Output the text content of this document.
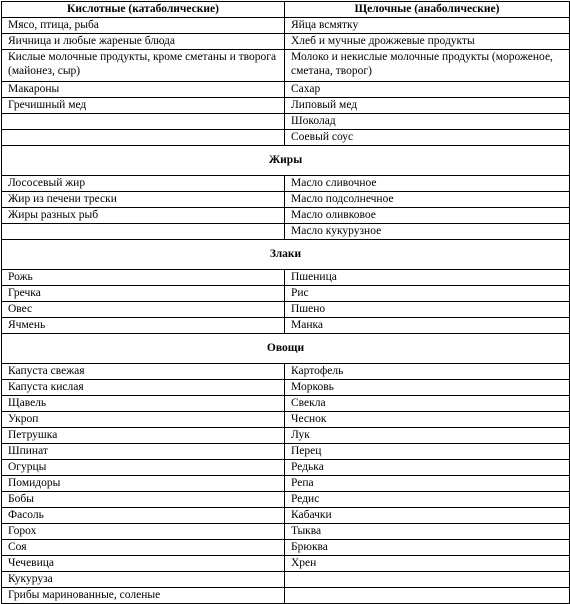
Кислотные (катаболические)	Щелочные (анаболические)
Мясо, птица, рыба	Яйца всмятку
Яичница и любые жареные блюда	Хлеб и мучные дрожжевые продукты
Кислые молочные продукты, кроме сметаны и творога (майонез, сыр)	Молоко и некислые молочные продукты (мороженое, сметана, творог)
Макароны	Сахар
Гречишный мед	Липовый мед
	Шоколад
	Соевый соус
Жиры	
Лососевый жир	Масло сливочное
Жир из печени трески	Масло подсолнечное
Жиры разных рыб	Масло оливковое
	Масло кукурузное
Злаки	
Рожь	Пшеница
Гречка	Рис
Овес	Пшено
Ячмень	Манка
Овощи	
Капуста свежая	Картофель
Капуста кислая	Морковь
Щавель	Свекла
Укроп	Чеснок
Петрушка	Лук
Шпинат	Перец
Огурцы	Редька
Помидоры	Репа
Бобы	Редис
Фасоль	Кабачки
Горох	Тыква
Соя	Брюква
Чечевица	Хрен
Кукуруза	
Грибы маринованные, соленые	
